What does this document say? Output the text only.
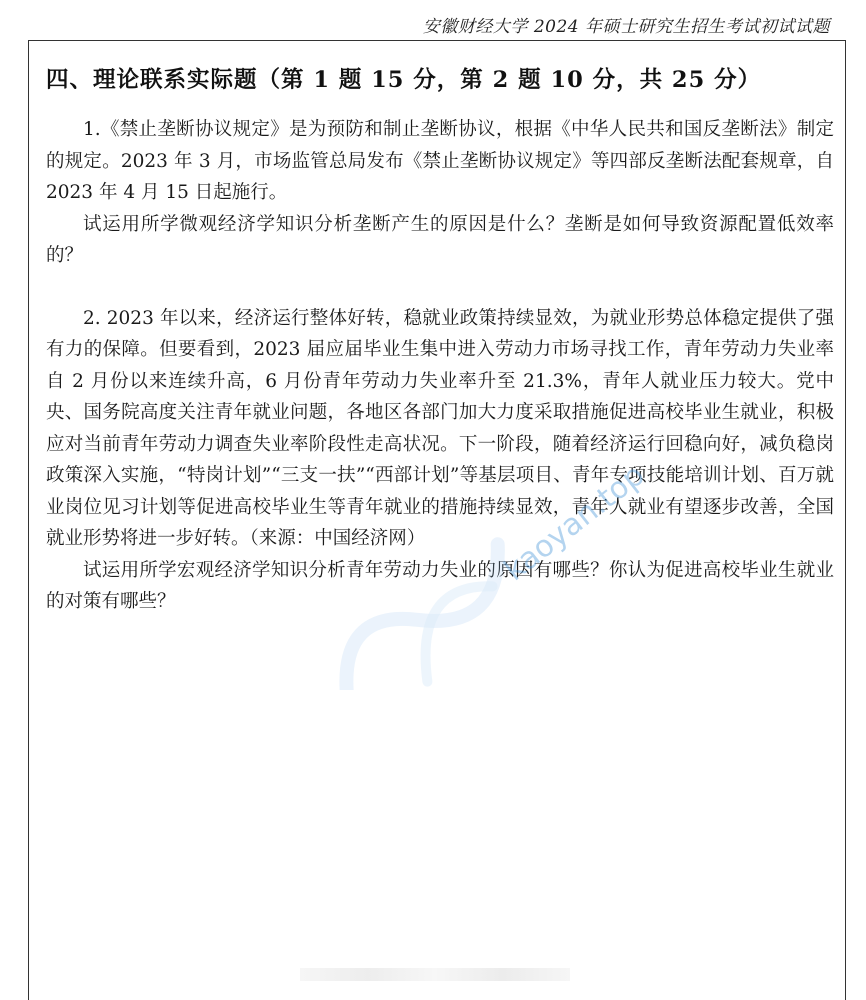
安徽财经大学 2024 年硕士研究生招生考试初试试题
四、理论联系实际题（第 1 题 15 分，第 2 题 10 分，共 25 分）

1.《禁止垄断协议规定》是为预防和制止垄断协议，根据《中华人民共和国反垄断法》制定的规定。2023 年 3 月，市场监管总局发布《禁止垄断协议规定》等四部反垄断法配套规章，自 2023 年 4 月 15 日起施行。

试运用所学微观经济学知识分析垄断产生的原因是什么？垄断是如何导致资源配置低效率的？

2. 2023 年以来，经济运行整体好转，稳就业政策持续显效，为就业形势总体稳定提供了强有力的保障。但要看到，2023 届应届毕业生集中进入劳动力市场寻找工作，青年劳动力失业率自 2 月份以来连续升高，6 月份青年劳动力失业率升至 21.3%，青年人就业压力较大。党中央、国务院高度关注青年就业问题，各地区各部门加大力度采取措施促进高校毕业生就业，积极应对当前青年劳动力调查失业率阶段性走高状况。下一阶段，随着经济运行回稳向好，减负稳岗政策深入实施，“特岗计划”“三支一扶”“西部计划”等基层项目、青年专项技能培训计划、百万就业岗位见习计划等促进高校毕业生等青年就业的措施持续显效，青年人就业有望逐步改善，全国就业形势将进一步好转。（来源：中国经济网）

试运用所学宏观经济学知识分析青年劳动力失业的原因有哪些？你认为促进高校毕业生就业的对策有哪些？

kaoyan.top
